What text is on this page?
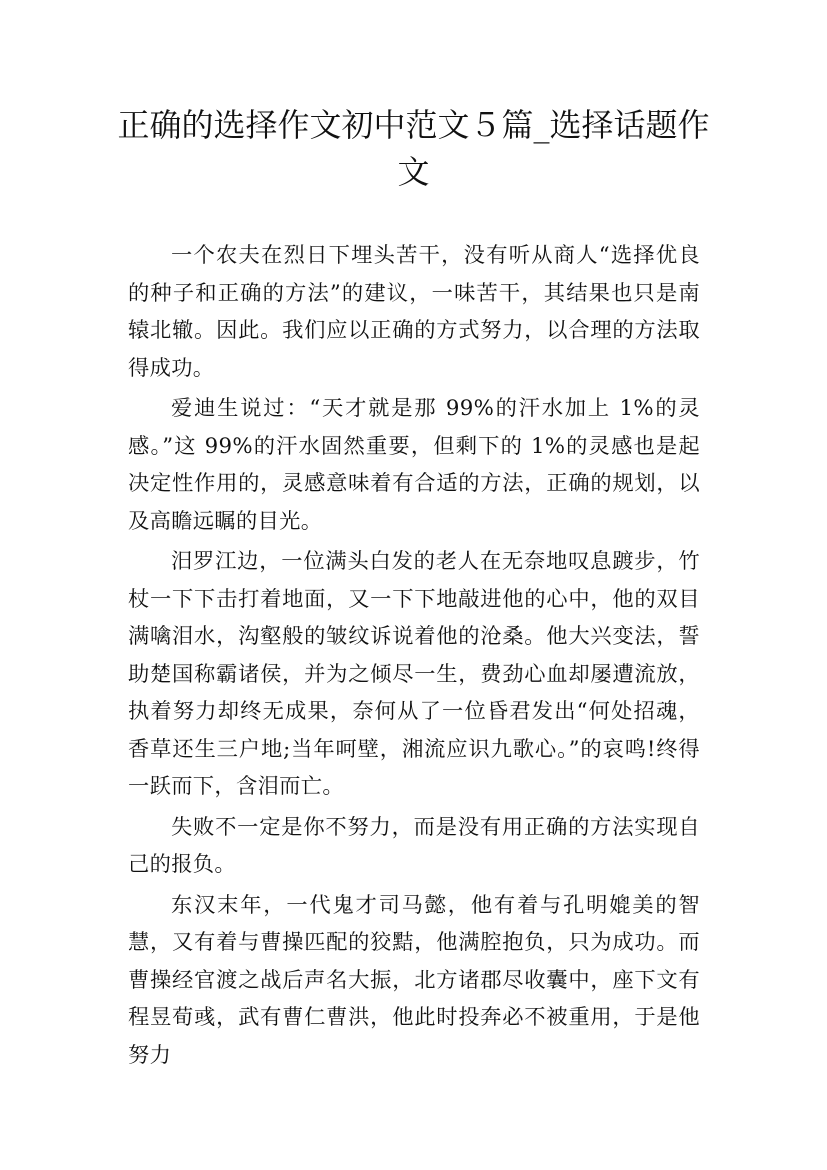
正确的选择作文初中范文５篇_选择话题作文

一个农夫在烈日下埋头苦干，没有听从商人“选择优良的种子和正确的方法”的建议，一味苦干，其结果也只是南辕北辙。因此。我们应以正确的方式努力，以合理的方法取得成功。

爱迪生说过：“天才就是那 99%的汗水加上 1%的灵感。”这 99%的汗水固然重要，但剩下的 1%的灵感也是起决定性作用的，灵感意味着有合适的方法，正确的规划，以及高瞻远瞩的目光。

汨罗江边，一位满头白发的老人在无奈地叹息踱步，竹杖一下下击打着地面，又一下下地敲进他的心中，他的双目满噙泪水，沟壑般的皱纹诉说着他的沧桑。他大兴变法，誓助楚国称霸诸侯，并为之倾尽一生，费劲心血却屡遭流放，执着努力却终无成果，奈何从了一位昏君发出“何处招魂，香草还生三户地;当年呵壁，湘流应识九歌心。”的哀鸣!终得一跃而下，含泪而亡。

失败不一定是你不努力，而是没有用正确的方法实现自己的报负。

东汉末年，一代鬼才司马懿，他有着与孔明媲美的智慧，又有着与曹操匹配的狡黠，他满腔抱负，只为成功。而曹操经官渡之战后声名大振，北方诸郡尽收囊中，座下文有程昱荀彧，武有曹仁曹洪，他此时投奔必不被重用，于是他努力
